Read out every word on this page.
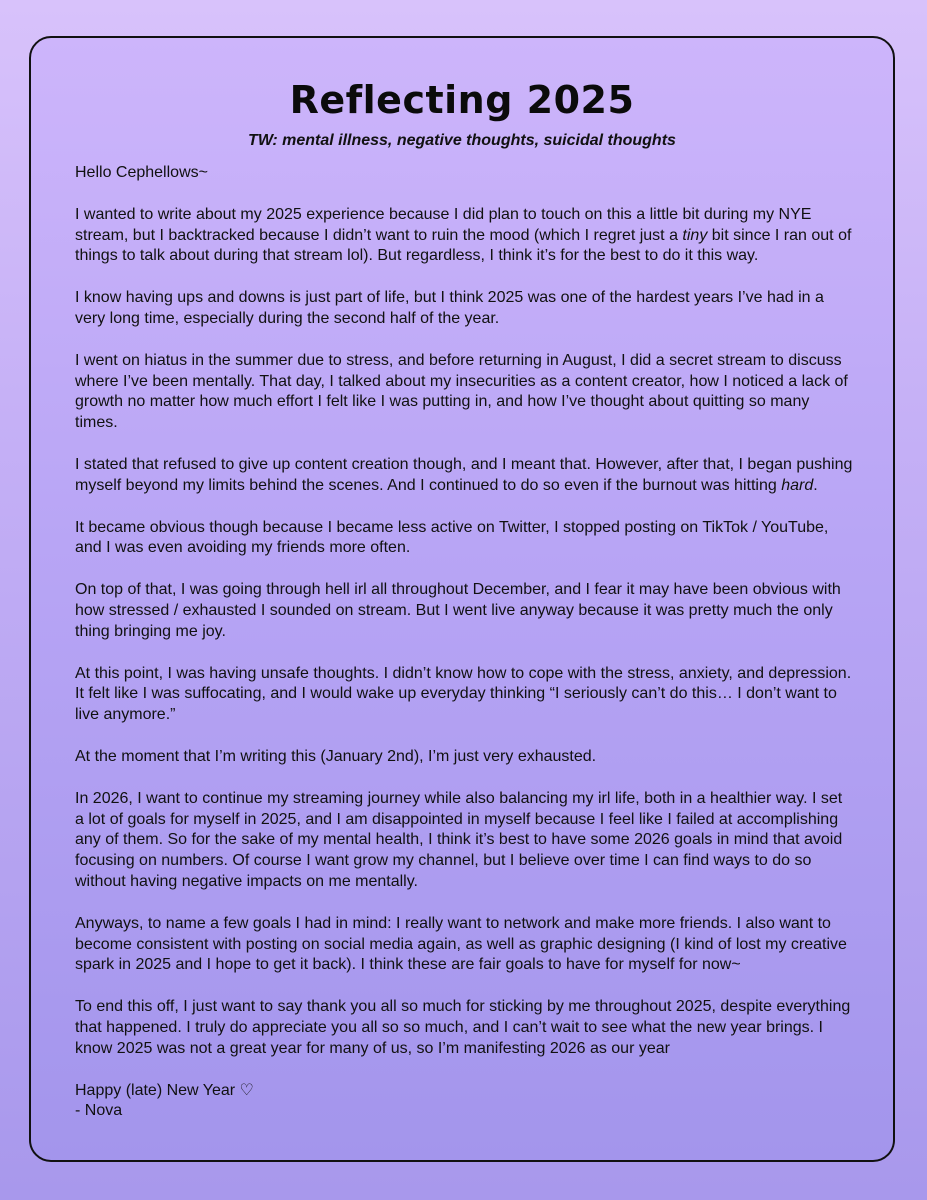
Reflecting 2025

TW: mental illness, negative thoughts, suicidal thoughts

Hello Cephellows~

I wanted to write about my 2025 experience because I did plan to touch on this a little bit during my NYE stream, but I backtracked because I didn’t want to ruin the mood (which I regret just a tiny bit since I ran out of things to talk about during that stream lol). But regardless, I think it’s for the best to do it this way.

I know having ups and downs is just part of life, but I think 2025 was one of the hardest years I’ve had in a very long time, especially during the second half of the year.

I went on hiatus in the summer due to stress, and before returning in August, I did a secret stream to discuss where I’ve been mentally. That day, I talked about my insecurities as a content creator, how I noticed a lack of growth no matter how much effort I felt like I was putting in, and how I’ve thought about quitting so many times.

I stated that refused to give up content creation though, and I meant that. However, after that, I began pushing myself beyond my limits behind the scenes. And I continued to do so even if the burnout was hitting hard.

It became obvious though because I became less active on Twitter, I stopped posting on TikTok / YouTube, and I was even avoiding my friends more often.

On top of that, I was going through hell irl all throughout December, and I fear it may have been obvious with how stressed / exhausted I sounded on stream. But I went live anyway because it was pretty much the only thing bringing me joy.

At this point, I was having unsafe thoughts. I didn’t know how to cope with the stress, anxiety, and depression. It felt like I was suffocating, and I would wake up everyday thinking “I seriously can’t do this… I don’t want to live anymore.”

At the moment that I’m writing this (January 2nd), I’m just very exhausted.

In 2026, I want to continue my streaming journey while also balancing my irl life, both in a healthier way. I set a lot of goals for myself in 2025, and I am disappointed in myself because I feel like I failed at accomplishing any of them. So for the sake of my mental health, I think it’s best to have some 2026 goals in mind that avoid focusing on numbers. Of course I want grow my channel, but I believe over time I can find ways to do so without having negative impacts on me mentally.

Anyways, to name a few goals I had in mind: I really want to network and make more friends. I also want to become consistent with posting on social media again, as well as graphic designing (I kind of lost my creative spark in 2025 and I hope to get it back). I think these are fair goals to have for myself for now~

To end this off, I just want to say thank you all so much for sticking by me throughout 2025, despite everything that happened. I truly do appreciate you all so so much, and I can’t wait to see what the new year brings. I know 2025 was not a great year for many of us, so I’m manifesting 2026 as our year

Happy (late) New Year ♡

- Nova
